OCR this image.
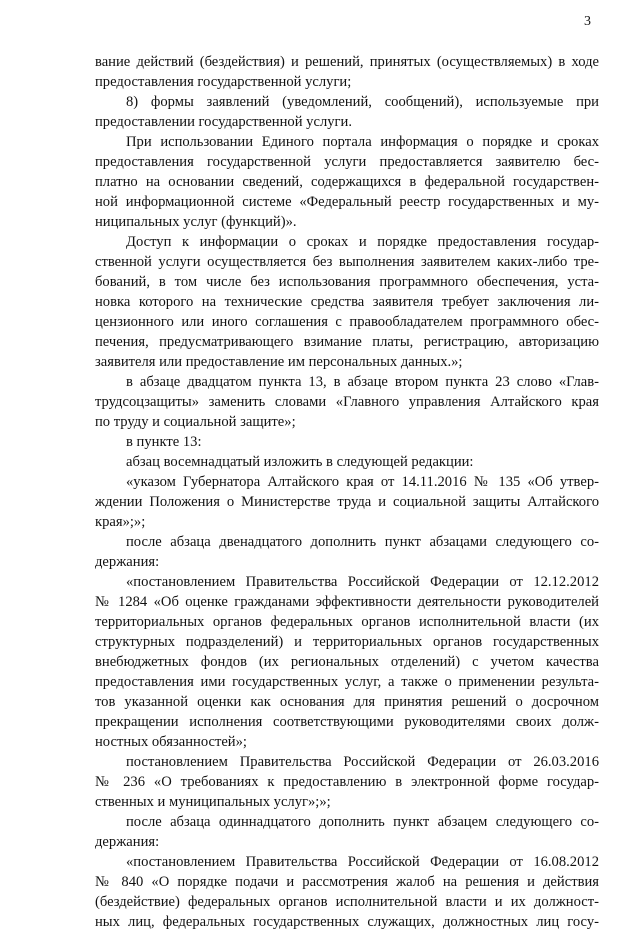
3
вание действий (бездействия) и решений, принятых (осуществляемых) в ходе
предоставления государственной услуги;
8) формы заявлений (уведомлений, сообщений), используемые при
предоставлении государственной услуги.
При использовании Единого портала информация о порядке и сроках
предоставления государственной услуги предоставляется заявителю бес-
платно на основании сведений, содержащихся в федеральной государствен-
ной информационной системе «Федеральный реестр государственных и му-
ниципальных услуг (функций)».
Доступ к информации о сроках и порядке предоставления государ-
ственной услуги осуществляется без выполнения заявителем каких-либо тре-
бований, в том числе без использования программного обеспечения, уста-
новка которого на технические средства заявителя требует заключения ли-
цензионного или иного соглашения с правообладателем программного обес-
печения, предусматривающего взимание платы, регистрацию, авторизацию
заявителя или предоставление им персональных данных.»;
в абзаце двадцатом пункта 13, в абзаце втором пункта 23 слово «Глав-
трудсоцзащиты» заменить словами «Главного управления Алтайского края
по труду и социальной защите»;
в пункте 13:
абзац восемнадцатый изложить в следующей редакции:
«указом Губернатора Алтайского края от 14.11.2016 № 135 «Об утвер-
ждении Положения о Министерстве труда и социальной защиты Алтайского
края»;»;
после абзаца двенадцатого дополнить пункт абзацами следующего со-
держания:
«постановлением Правительства Российской Федерации от 12.12.2012
№ 1284 «Об оценке гражданами эффективности деятельности руководителей
территориальных органов федеральных органов исполнительной власти (их
структурных подразделений) и территориальных органов государственных
внебюджетных фондов (их региональных отделений) с учетом качества
предоставления ими государственных услуг, а также о применении результа-
тов указанной оценки как основания для принятия решений о досрочном
прекращении исполнения соответствующими руководителями своих долж-
ностных обязанностей»;
постановлением Правительства Российской Федерации от 26.03.2016
№ 236 «О требованиях к предоставлению в электронной форме государ-
ственных и муниципальных услуг»;»;
после абзаца одиннадцатого дополнить пункт абзацем следующего со-
держания:
«постановлением Правительства Российской Федерации от 16.08.2012
№ 840 «О порядке подачи и рассмотрения жалоб на решения и действия
(бездействие) федеральных органов исполнительной власти и их должност-
ных лиц, федеральных государственных служащих, должностных лиц госу-
